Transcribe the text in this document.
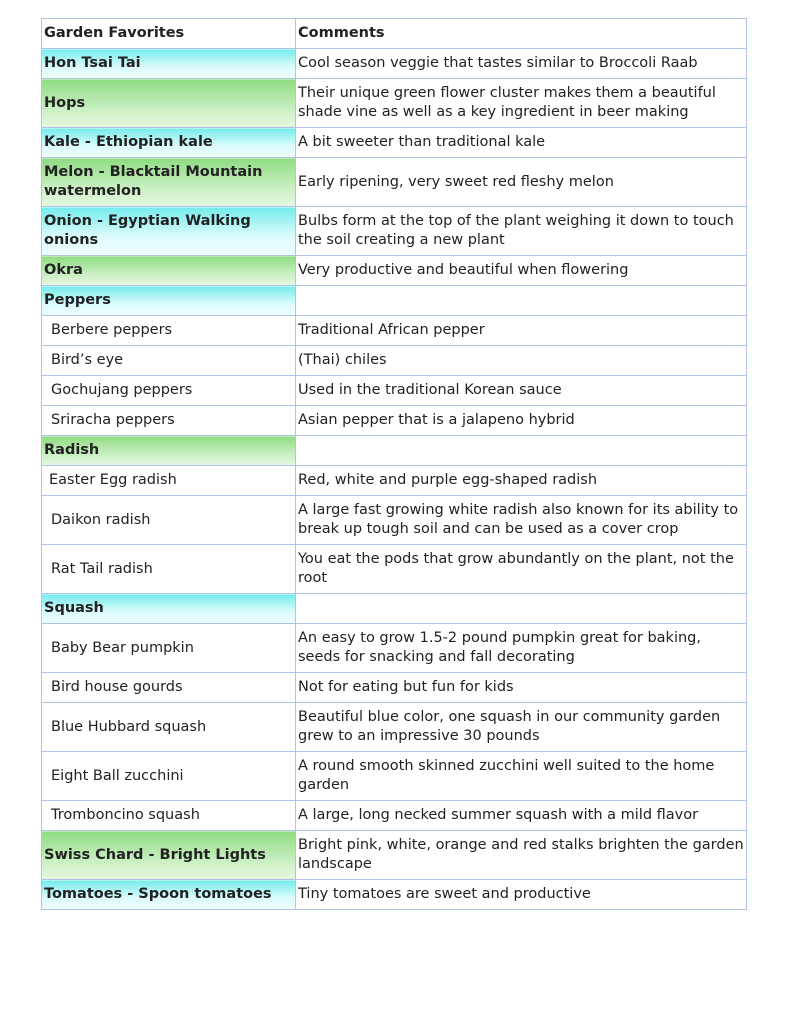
Garden Favorites	Comments
Hon Tsai Tai	Cool season veggie that tastes similar to Broccoli Raab
Hops	Their unique green flower cluster makes them a beautiful shade vine as well as a key ingredient in beer making
Kale - Ethiopian kale	A bit sweeter than traditional kale
Melon - Blacktail Mountain watermelon	Early ripening, very sweet red fleshy melon
Onion - Egyptian Walking onions	Bulbs form at the top of the plant weighing it down to touch the soil creating a new plant
Okra	Very productive and beautiful when flowering
Peppers	
Berbere peppers	Traditional African pepper
Bird’s eye	(Thai) chiles
Gochujang peppers	Used in the traditional Korean sauce
Sriracha peppers	Asian pepper that is a jalapeno hybrid
Radish	
Easter Egg radish	Red, white and purple egg-shaped radish
Daikon radish	A large fast growing white radish also known for its ability to break up tough soil and can be used as a cover crop
Rat Tail radish	You eat the pods that grow abundantly on the plant, not the root
Squash	
Baby Bear pumpkin	An easy to grow 1.5-2 pound pumpkin great for baking, seeds for snacking and fall decorating
Bird house gourds	Not for eating but fun for kids
Blue Hubbard squash	Beautiful blue color, one squash in our community garden grew to an impressive 30 pounds
Eight Ball zucchini	A round smooth skinned zucchini well suited to the home garden
Tromboncino squash	A large, long necked summer squash with a mild flavor
Swiss Chard - Bright Lights	Bright pink, white, orange and red stalks brighten the garden landscape
Tomatoes - Spoon tomatoes	Tiny tomatoes are sweet and productive
